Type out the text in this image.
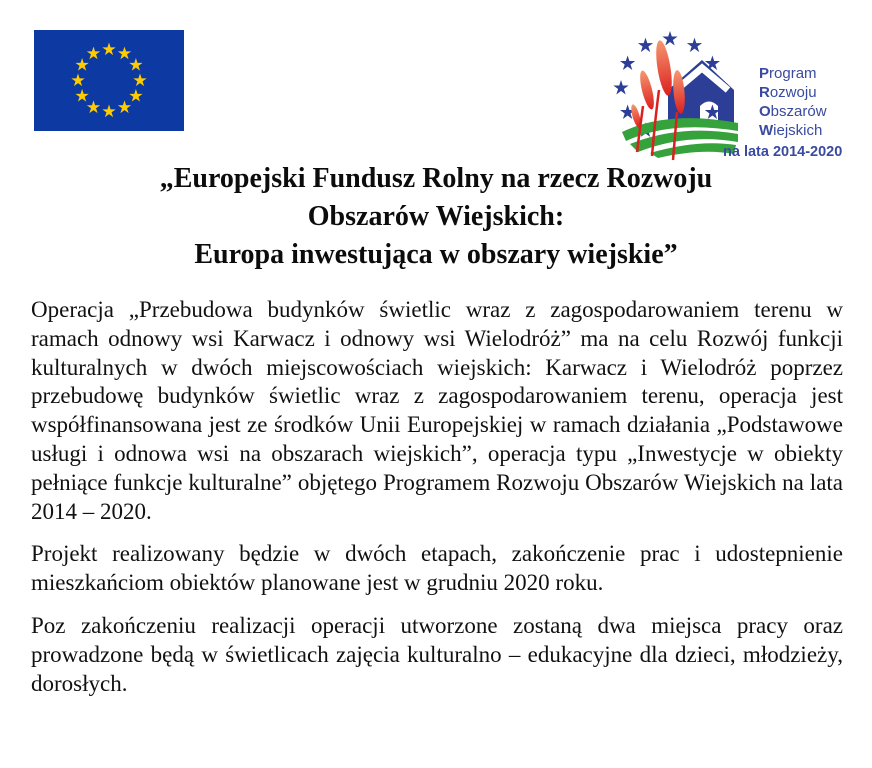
Program
Rozwoju
Obszarów
Wiejskich
na lata 2014-2020
„Europejski Fundusz Rolny na rzecz Rozwoju
Obszarów Wiejskich:
Europa inwestująca w obszary wiejskie”

Operacja „Przebudowa budynków świetlic wraz z zagospodarowaniem terenu w ramach odnowy wsi Karwacz i odnowy wsi Wielodróż” ma na celu Rozwój funkcji kulturalnych w dwóch miejscowościach wiejskich: Karwacz i Wielodróż poprzez przebudowę budynków świetlic wraz z zagospodarowaniem terenu, operacja jest współfinansowana jest ze środków Unii Europejskiej w ramach działania „Podstawowe usługi i odnowa wsi na obszarach wiejskich”, operacja typu „Inwestycje w obiekty pełniące funkcje kulturalne” objętego Programem Rozwoju Obszarów Wiejskich na lata 2014 – 2020.

Projekt realizowany będzie w dwóch etapach, zakończenie prac i udostepnienie mieszkańciom obiektów planowane jest w grudniu 2020 roku.

Poz zakończeniu realizacji operacji utworzone zostaną dwa miejsca pracy oraz prowadzone będą w świetlicach zajęcia kulturalno – edukacyjne dla dzieci, młodzieży, dorosłych.
